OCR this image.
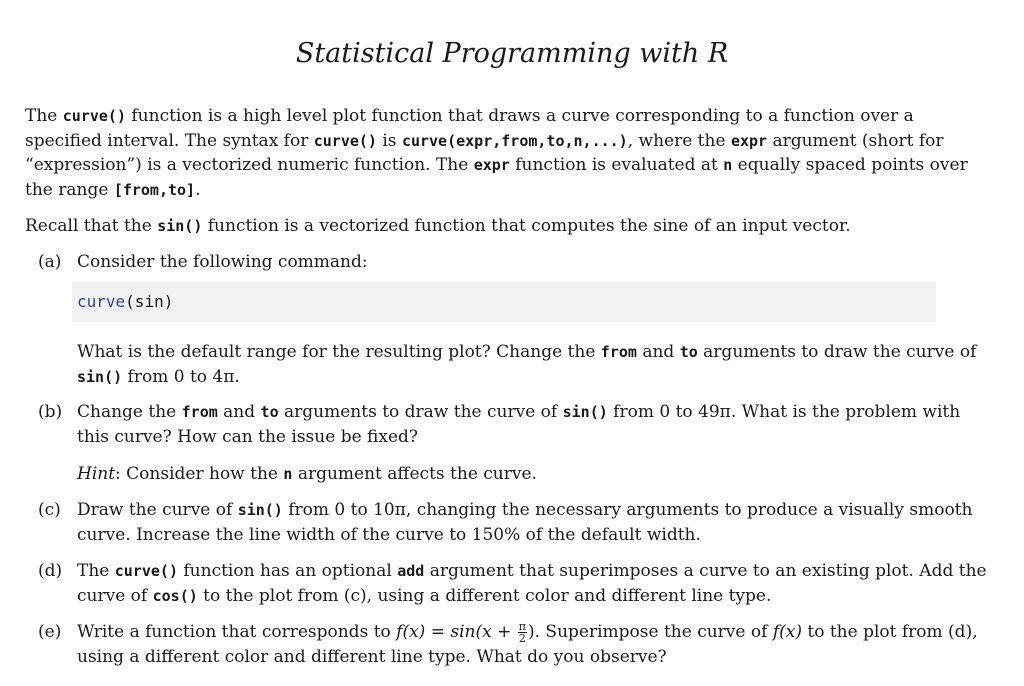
Statistical Programming with R

The curve() function is a high level plot function that draws a curve corresponding to a function over a specified interval. The syntax for curve() is curve(expr,from,to,n,...), where the expr argument (short for “expression”) is a vectorized numeric function. The expr function is evaluated at n equally spaced points over the range [from,to].

Recall that the sin() function is a vectorized function that computes the sine of an input vector.

(a) Consider the following command:
curve(sin)
What is the default range for the resulting plot? Change the from and to arguments to draw the curve of sin() from 0 to 4π.
(b) Change the from and to arguments to draw the curve of sin() from 0 to 49π. What is the problem with this curve? How can the issue be fixed?
Hint: Consider how the n argument affects the curve.
(c) Draw the curve of sin() from 0 to 10π, changing the necessary arguments to produce a visually smooth curve. Increase the line width of the curve to 150% of the default width.
(d) The curve() function has an optional add argument that superimposes a curve to an existing plot. Add the curve of cos() to the plot from (c), using a different color and different line type.
(e) Write a function that corresponds to $f(x) = \sin(x + \frac{\pi}{2}$ ). Superimpose the curve of f(x) to the plot from (d), using a different color and different line type. What do you observe?
